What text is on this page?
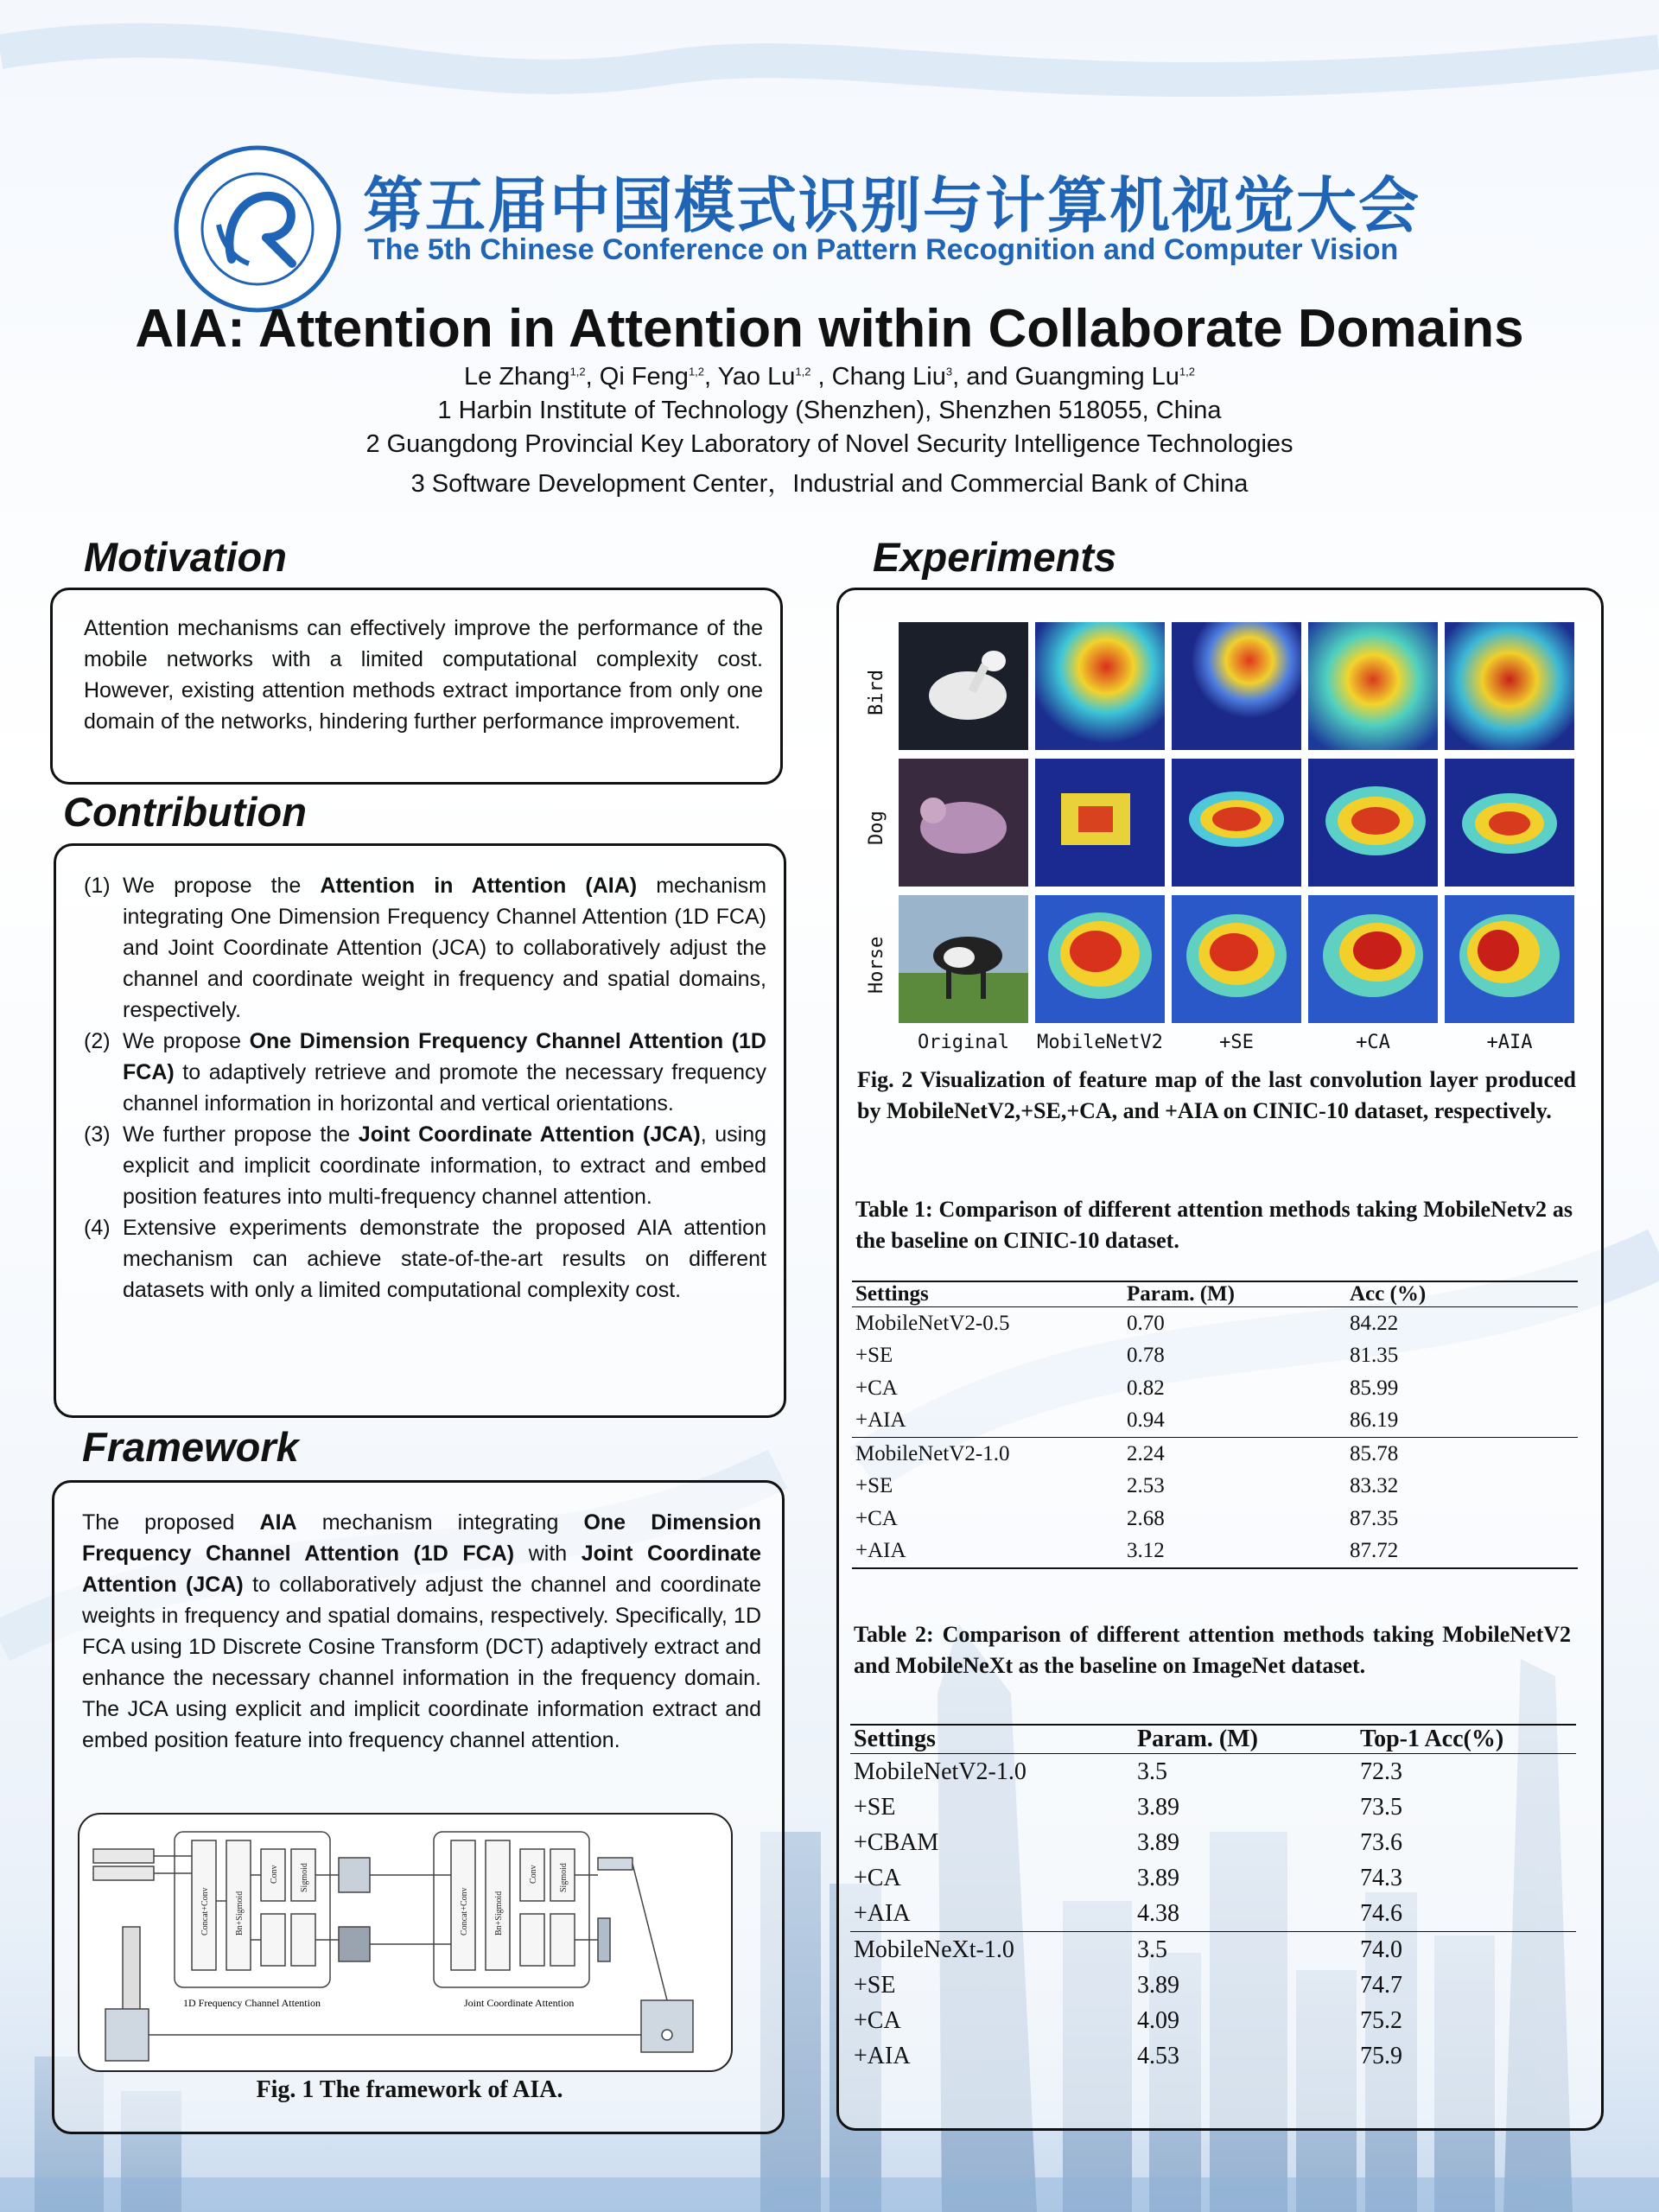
第五届中国模式识别与计算机视觉大会
The 5th Chinese Conference on Pattern Recognition and Computer Vision
AIA: Attention in Attention within Collaborate Domains
Le Zhang$^{1,2}$, Qi Feng$^{1,2}$, Yao Lu$^{1,2}$ , Chang Liu$^3$, and Guangming Lu$^{1,2}$
1 Harbin Institute of Technology (Shenzhen), Shenzhen 518055, China
2 Guangdong Provincial Key Laboratory of Novel Security Intelligence Technologies
3 Software Development Center，Industrial and Commercial Bank of China
Motivation
Attention mechanisms can effectively improve the performance of the mobile networks with a limited computational complexity cost. However, existing attention methods extract importance from only one domain of the networks, hindering further performance improvement.
Contribution
(1) We propose the Attention in Attention (AIA) mechanism integrating One Dimension Frequency Channel Attention (1D FCA) and Joint Coordinate Attention (JCA) to collaboratively adjust the channel and coordinate weight in frequency and spatial domains, respectively.
(2) We propose One Dimension Frequency Channel Attention (1D FCA) to adaptively retrieve and promote the necessary frequency channel information in horizontal and vertical orientations.
(3) We further propose the Joint Coordinate Attention (JCA), using explicit and implicit coordinate information, to extract and embed position features into multi-frequency channel attention.
(4) Extensive experiments demonstrate the proposed AIA attention mechanism can achieve state-of-the-art results on different datasets with only a limited computational complexity cost.
Framework
The proposed AIA mechanism integrating One Dimension Frequency Channel Attention (1D FCA) with Joint Coordinate Attention (JCA) to collaboratively adjust the channel and coordinate weights in frequency and spatial domains, respectively. Specifically, 1D FCA using 1D Discrete Cosine Transform (DCT) adaptively extract and enhance the necessary channel information in the frequency domain. The JCA using explicit and implicit coordinate information extract and embed position feature into frequency channel attention.
1D Frequency Channel Attention	Joint Coordinate Attention
Concat+Conv	Bn+Sigmoid
Conv Sigmoid
Concat+Conv	Bn+Sigmoid
Conv Sigmoid
Fig. 1 The framework of AIA.
Experiments
Bird
Dog
Horse
Original	MobileNetV2	+SE	+CA	+AIA
Fig. 2 Visualization of feature map of the last convolution layer produced by MobileNetV2,+SE,+CA, and +AIA on CINIC-10 dataset, respectively.
Table 1: Comparison of different attention methods taking MobileNetv2 as the baseline on CINIC-10 dataset.
Settings	Param. (M)	Acc (%)
MobileNetV2-0.5	0.70	84.22
+SE	0.78	81.35
+CA	0.82	85.99
+AIA	0.94	86.19
MobileNetV2-1.0	2.24	85.78
+SE	2.53	83.32
+CA	2.68	87.35
+AIA	3.12	87.72
Table 2: Comparison of different attention methods taking MobileNetV2 and MobileNeXt as the baseline on ImageNet dataset.
Settings	Param. (M)	Top-1 Acc(%)
MobileNetV2-1.0	3.5	72.3
+SE	3.89	73.5
+CBAM	3.89	73.6
+CA	3.89	74.3
+AIA	4.38	74.6
MobileNeXt-1.0	3.5	74.0
+SE	3.89	74.7
+CA	4.09	75.2
+AIA	4.53	75.9
